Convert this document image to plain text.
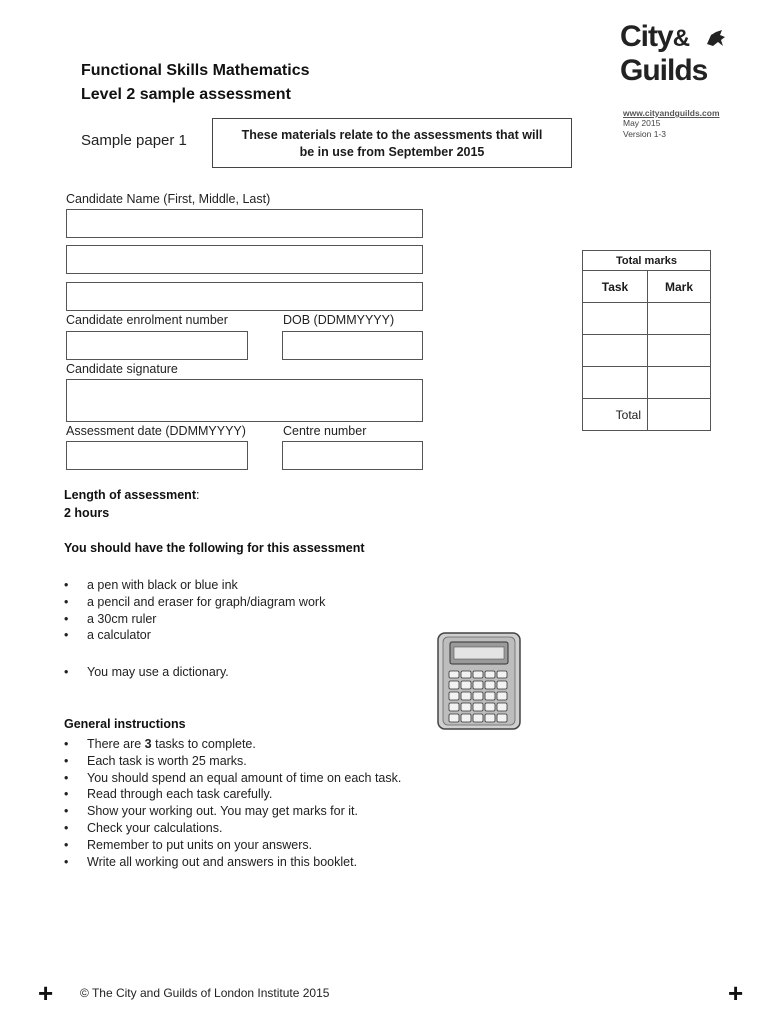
Functional Skills Mathematics
Level 2 sample assessment
Sample paper 1	These materials relate to the assessments that will
be in use from September 2015
City&
Guilds
www.cityandguilds.com
May 2015
Version 1-3
Candidate Name (First, Middle, Last)
Candidate enrolment number	DOB (DDMMYYYY)
Candidate signature
Assessment date (DDMMYYYY)	Centre number
Total marks	
Task	Mark

Total	
Length of assessment:
2 hours
You should have the following for this assessment
• a pen with black or blue ink
• a pencil and eraser for graph/diagram work
• a 30cm ruler
• a calculator
• You may use a dictionary.
General instructions
• There are 3 tasks to complete.
• Each task is worth 25 marks.
• You should spend an equal amount of time on each task.
• Read through each task carefully.
• Show your working out. You may get marks for it.
• Check your calculations.
• Remember to put units on your answers.
• Write all working out and answers in this booklet.
+ © The City and Guilds of London Institute 2015	+
